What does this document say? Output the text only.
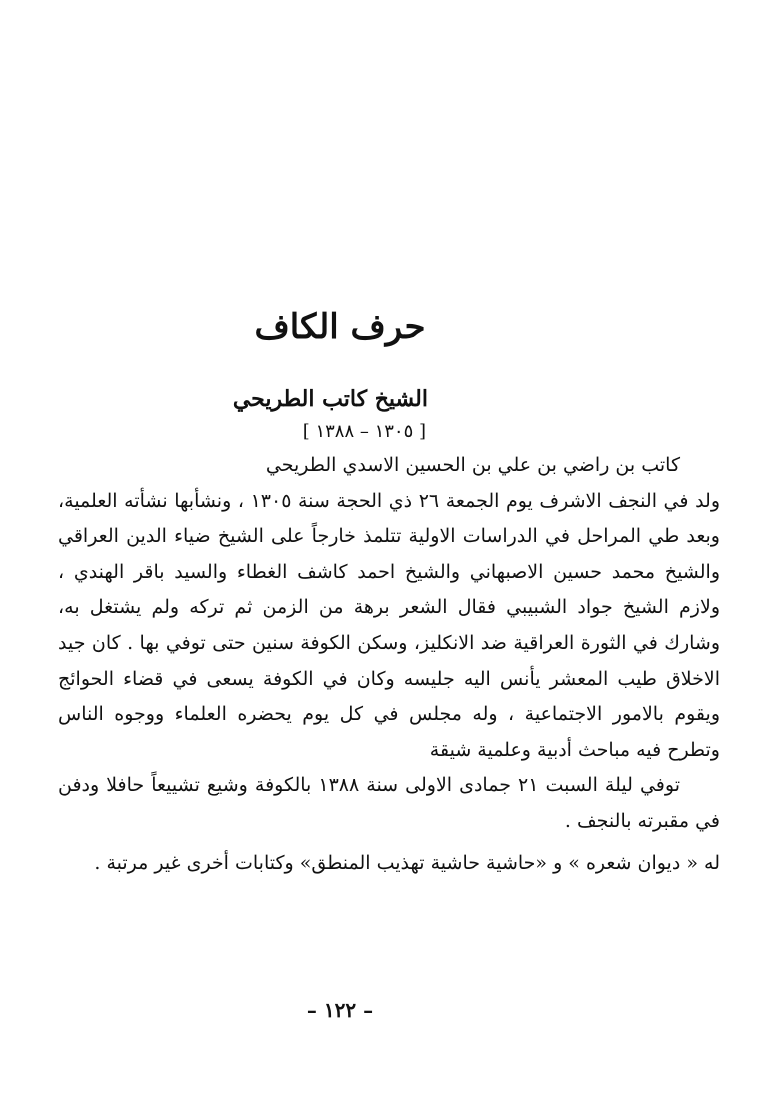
حرف الكاف
الشيخ كاتب الطريحي
[ ١٣٠٥ – ١٣٨٨ ]

كاتب بن راضي بن علي بن الحسين الاسدي الطريحي

ولد في النجف الاشرف يوم الجمعة ٢٦ ذي الحجة سنة ١٣٠٥ ، ونشأبها نشأته العلمية، وبعد طي المراحل في الدراسات الاولية تتلمذ خارجاً على الشيخ ضياء الدين العراقي والشيخ محمد حسين الاصبهاني والشيخ احمد كاشف الغطاء والسيد باقر الهندي ، ولازم الشيخ جواد الشبيبي فقال الشعر برهة من الزمن ثم تركه ولم يشتغل به، وشارك في الثورة العراقية ضد الانكليز، وسكن الكوفة سنين حتى توفي بها . كان جيد الاخلاق طيب المعشر يأنس اليه جليسه وكان في الكوفة يسعى في قضاء الحوائج ويقوم بالامور الاجتماعية ، وله مجلس في كل يوم يحضره العلماء ووجوه الناس وتطرح فيه مباحث أدبية وعلمية شيقة

توفي ليلة السبت ٢١ جمادى الاولى سنة ١٣٨٨ بالكوفة وشيع تشييعاً حافلا ودفن في مقبرته بالنجف .

له « ديوان شعره » و «حاشية حاشية تهذيب المنطق» وكتابات أخرى غير مرتبة .

– ١٢٢ –
